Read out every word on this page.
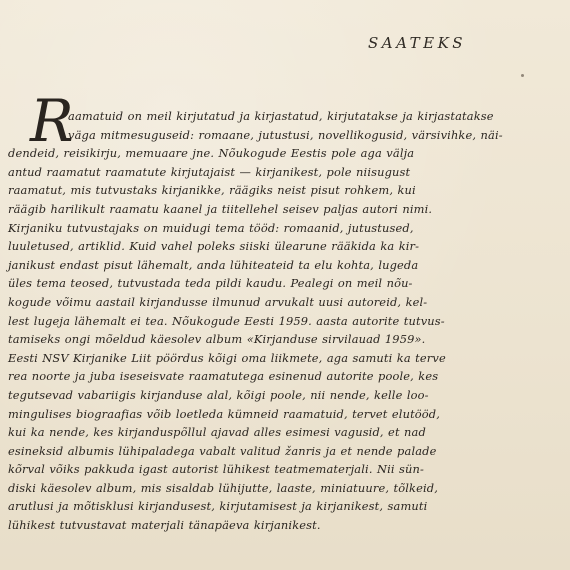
SAATEKS
R
aamatuid on meil kirjutatud ja kirjastatud, kirjutatakse ja kirjastatakse
väga mitmesuguseid: romaane, jutustusi, novellikogusid, värsivihke, näi-
dendeid, reisikirju, memuaare jne. Nõukogude Eestis pole aga välja
antud raamatut raamatute kirjutajaist — kirjanikest, pole niisugust
raamatut, mis tutvustaks kirjanikke, räägiks neist pisut rohkem, kui
räägib harilikult raamatu kaanel ja tiitellehel seisev paljas autori nimi.
Kirjaniku tutvustajaks on muidugi tema tööd: romaanid, jutustused,
luuletused, artiklid. Kuid vahel poleks siiski ülearune rääkida ka kir-
janikust endast pisut lähemalt, anda lühiteateid ta elu kohta, lugeda
üles tema teosed, tutvustada teda pildi kaudu. Pealegi on meil nõu-
kogude võimu aastail kirjandusse ilmunud arvukalt uusi autoreid, kel-
lest lugeja lähemalt ei tea. Nõukogude Eesti 1959. aasta autorite tutvus-
tamiseks ongi mõeldud käesolev album «Kirjanduse sirvilauad 1959».
Eesti NSV Kirjanike Liit pöördus kõigi oma liikmete, aga samuti ka terve
rea noorte ja juba iseseisvate raamatutega esinenud autorite poole, kes
tegutsevad vabariigis kirjanduse alal, kõigi poole, nii nende, kelle loo-
mingulises biograafias võib loetleda kümneid raamatuid, tervet elutööd,
kui ka nende, kes kirjanduspõllul ajavad alles esimesi vagusid, et nad
esineksid albumis lühipaladega vabalt valitud žanris ja et nende palade
kõrval võiks pakkuda igast autorist lühikest teatmematerjali. Nii sün-
diski käesolev album, mis sisaldab lühijutte, laaste, miniatuure, tõlkeid,
arutlusi ja mõtisklusi kirjandusest, kirjutamisest ja kirjanikest, samuti
lühikest tutvustavat materjali tänapäeva kirjanikest.
